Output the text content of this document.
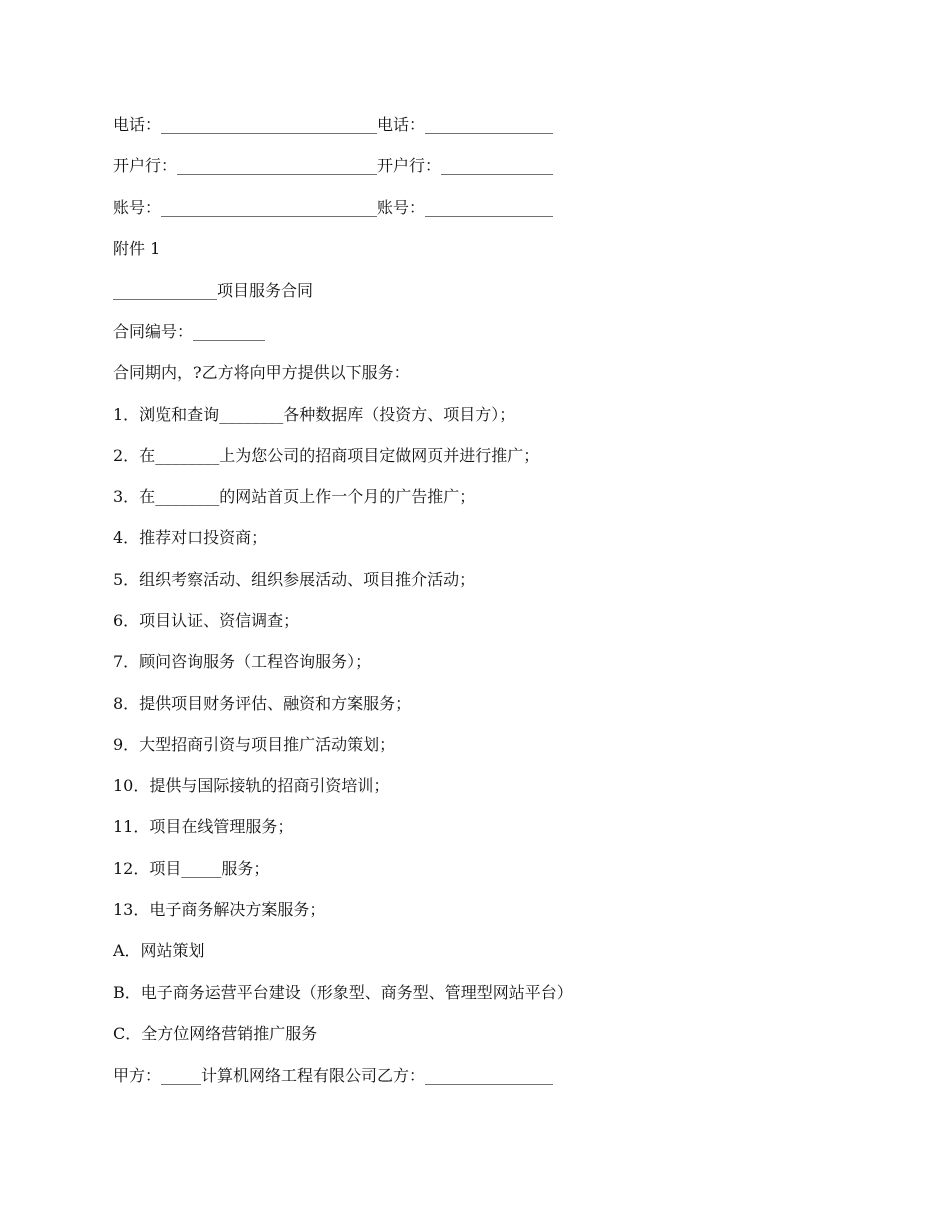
电话：___________________________电话：________________
开户行：_________________________开户行：______________
账号：___________________________账号：________________
附件 1
_____________项目服务合同
合同编号：_________
合同期内，?乙方将向甲方提供以下服务：
1．浏览和查询________各种数据库（投资方、项目方）；
2．在________上为您公司的招商项目定做网页并进行推广；
3．在________的网站首页上作一个月的广告推广；
4．推荐对口投资商；
5．组织考察活动、组织参展活动、项目推介活动；
6．项目认证、资信调查；
7．顾问咨询服务（工程咨询服务）；
8．提供项目财务评估、融资和方案服务；
9．大型招商引资与项目推广活动策划；
10．提供与国际接轨的招商引资培训；
11．项目在线管理服务；
12．项目_____服务；
13．电子商务解决方案服务；
A．网站策划
B．电子商务运营平台建设（形象型、商务型、管理型网站平台）
C．全方位网络营销推广服务
甲方：_____计算机网络工程有限公司乙方：________________
